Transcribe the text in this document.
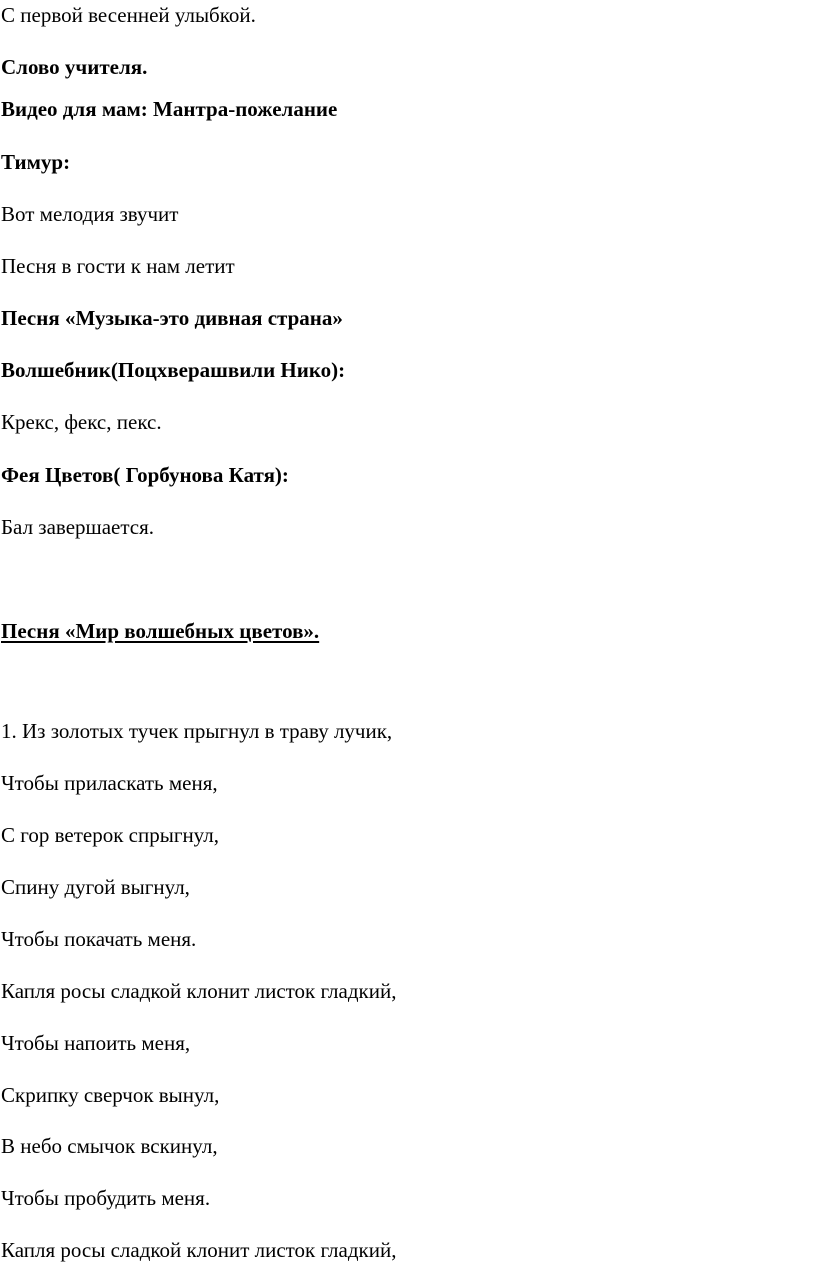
С первой весенней улыбкой.

Слово учителя.

Видео для мам: Мантра-пожелание

Тимур:

Вот мелодия звучит

Песня в гости к нам летит

Песня «Музыка-это дивная страна»

Волшебник(Поцхверашвили Нико):

Крекс, фекс, пекс.

Фея Цветов( Горбунова Катя):

Бал завершается.

Песня «Мир волшебных цветов».

1. Из золотых тучек прыгнул в траву лучик,

Чтобы приласкать меня,

С гор ветерок спрыгнул,

Спину дугой выгнул,

Чтобы покачать меня.

Капля росы сладкой клонит листок гладкий,

Чтобы напоить меня,

Скрипку сверчок вынул,

В небо смычок вскинул,

Чтобы пробудить меня.

Капля росы сладкой клонит листок гладкий,
